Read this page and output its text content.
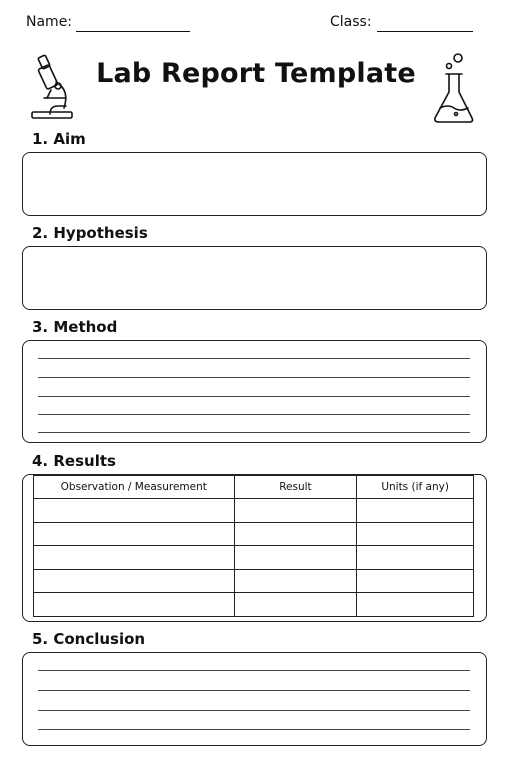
Name:	Class:
Lab Report Template
1. Aim
2. Hypothesis
3. Method
4. Results
Observation / Measurement	Result	Units (if any)

5. Conclusion
